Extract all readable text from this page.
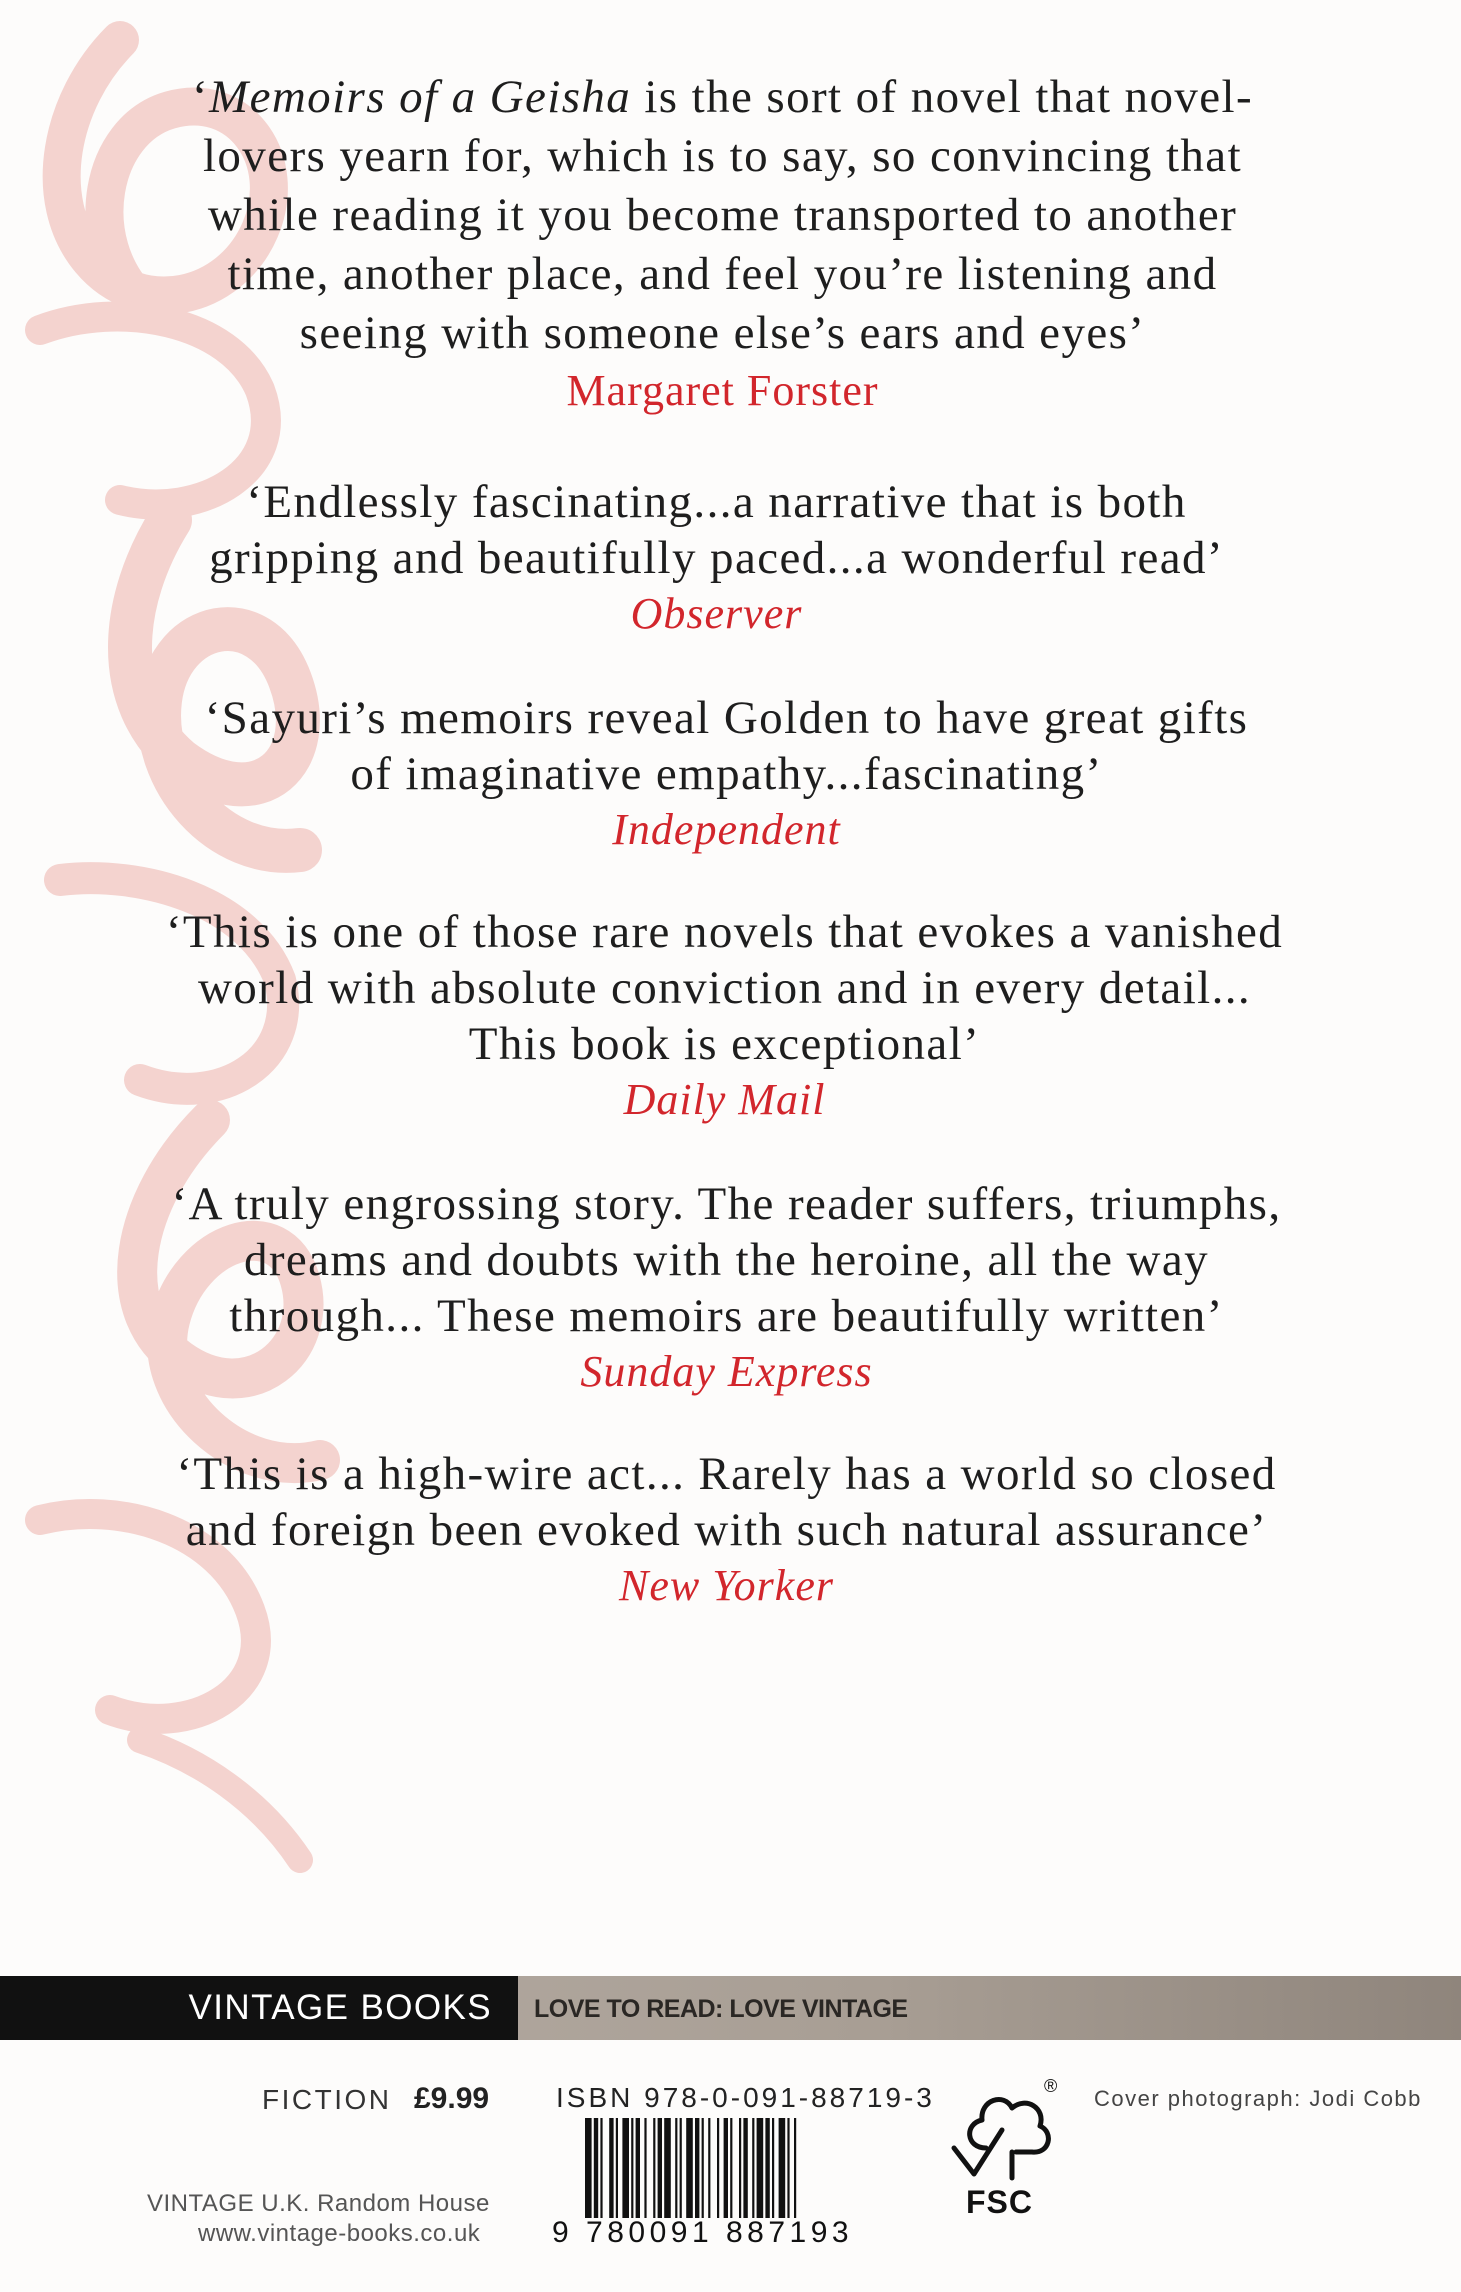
‘Memoirs of a Geisha is the sort of novel that novel-
lovers yearn for, which is to say, so convincing that
while reading it you become transported to another
time, another place, and feel you’re listening and
seeing with someone else’s ears and eyes’
Margaret Forster
‘Endlessly fascinating...a narrative that is both
gripping and beautifully paced...a wonderful read’
Observer
‘Sayuri’s memoirs reveal Golden to have great gifts
of imaginative empathy...fascinating’
Independent
‘This is one of those rare novels that evokes a vanished
world with absolute conviction and in every detail...
This book is exceptional’
Daily Mail
‘A truly engrossing story. The reader suffers, triumphs,
dreams and doubts with the heroine, all the way
through... These memoirs are beautifully written’
Sunday Express
‘This is a high-wire act... Rarely has a world so closed
and foreign been evoked with such natural assurance’
New Yorker
VINTAGE BOOKS	LOVE TO READ: LOVE VINTAGE
FICTION £9.99 ISBN 978-0-091-88719-3
9 780091 887193
FSC
® Cover photograph: Jodi Cobb
VINTAGE U.K. Random House
www.vintage-books.co.uk
